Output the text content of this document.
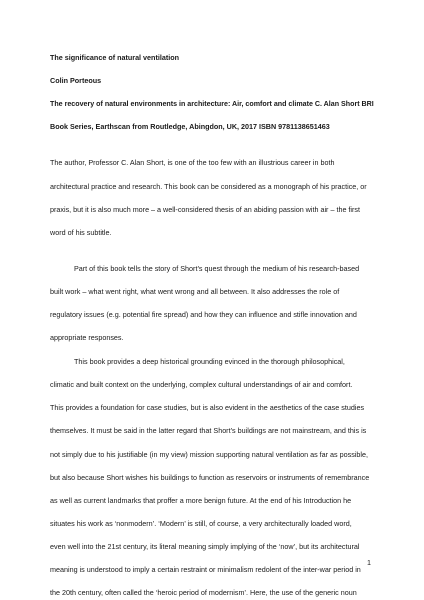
The significance of natural ventilation

Colin Porteous

The recovery of natural environments in architecture: Air, comfort and climate C. Alan Short BRI

Book Series, Earthscan from Routledge, Abingdon, UK, 2017 ISBN 9781138651463

The author, Professor C. Alan Short, is one of the too few with an illustrious career in both

architectural practice and research. This book can be considered as a monograph of his practice, or

praxis, but it is also much more – a well-considered thesis of an abiding passion with air – the first

word of his subtitle.

Part of this book tells the story of Short’s quest through the medium of his research-based

built work – what went right, what went wrong and all between. It also addresses the role of

regulatory issues (e.g. potential fire spread) and how they can influence and stifle innovation and

appropriate responses.

This book provides a deep historical grounding evinced in the thorough philosophical,

climatic and built context on the underlying, complex cultural understandings of air and comfort.

This provides a foundation for case studies, but is also evident in the aesthetics of the case studies

themselves. It must be said in the latter regard that Short’s buildings are not mainstream, and this is

not simply due to his justifiable (in my view) mission supporting natural ventilation as far as possible,

but also because Short wishes his buildings to function as reservoirs or instruments of remembrance

as well as current landmarks that proffer a more benign future. At the end of his Introduction he

situates his work as ‘nonmodern’. ‘Modern’ is still, of course, a very architecturally loaded word,

even well into the 21st century, its literal meaning simply implying of the ‘now’, but its architectural

meaning is understood to imply a certain restraint or minimalism redolent of the inter-war period in

the 20th century, often called the ‘heroic period of modernism’. Here, the use of the generic noun

1
